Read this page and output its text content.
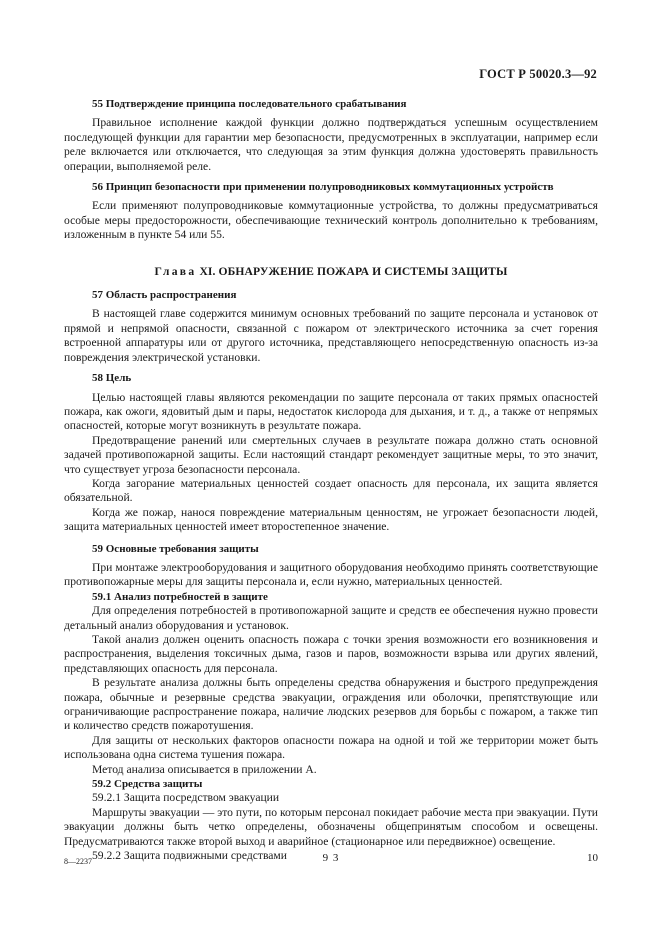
ГОСТ Р 50020.3—92

55 Подтверждение принципа последовательного срабатывания

Правильное исполнение каждой функции должно подтверждаться успешным осуществлением последующей функции для гарантии мер безопасности, предусмотренных в эксплуатации, например если реле включается или отключается, что следующая за этим функция должна удостоверять правильность операции, выполняемой реле.

56 Принцип безопасности при применении полупроводниковых коммутационных устройств

Если применяют полупроводниковые коммутационные устройства, то должны предусматриваться особые меры предосторожности, обеспечивающие технический контроль дополнительно к требованиям, изложенным в пункте 54 или 55.

Глава XI. ОБНАРУЖЕНИЕ ПОЖАРА И СИСТЕМЫ ЗАЩИТЫ

57 Область распространения

В настоящей главе содержится минимум основных требований по защите персонала и установок от прямой и непрямой опасности, связанной с пожаром от электрического источника за счет горения встроенной аппаратуры или от другого источника, представляющего непосредственную опасность из-за повреждения электрической установки.

58 Цель

Целью настоящей главы являются рекомендации по защите персонала от таких прямых опасностей пожара, как ожоги, ядовитый дым и пары, недостаток кислорода для дыхания, и т. д., а также от непрямых опасностей, которые могут возникнуть в результате пожара.

Предотвращение ранений или смертельных случаев в результате пожара должно стать основной задачей противопожарной защиты. Если настоящий стандарт рекомендует защитные меры, то это значит, что существует угроза безопасности персонала.

Когда загорание материальных ценностей создает опасность для персонала, их защита является обязательной.

Когда же пожар, нанося повреждение материальным ценностям, не угрожает безопасности людей, защита материальных ценностей имеет второстепенное значение.

59 Основные требования защиты

При монтаже электрооборудования и защитного оборудования необходимо принять соответствующие противопожарные меры для защиты персонала и, если нужно, материальных ценностей.

59.1 Анализ потребностей в защите

Для определения потребностей в противопожарной защите и средств ее обеспечения нужно провести детальный анализ оборудования и установок.

Такой анализ должен оценить опасность пожара с точки зрения возможности его возникновения и распространения, выделения токсичных дыма, газов и паров, возможности взрыва или других явлений, представляющих опасность для персонала.

В результате анализа должны быть определены средства обнаружения и быстрого предупреждения пожара, обычные и резервные средства эвакуации, ограждения или оболочки, препятствующие или ограничивающие распространение пожара, наличие людских резервов для борьбы с пожаром, а также тип и количество средств пожаротушения.

Для защиты от нескольких факторов опасности пожара на одной и той же территории может быть использована одна система тушения пожара.

Метод анализа описывается в приложении А.

59.2 Средства защиты

59.2.1 Защита посредством эвакуации

Маршруты эвакуации — это пути, по которым персонал покидает рабочие места при эвакуации. Пути эвакуации должны быть четко определены, обозначены общепринятым способом и освещены. Предусматриваются также второй выход и аварийное (стационарное или передвижное) освещение.

59.2.2 Защита подвижными средствами

8—2237	9 3	10
